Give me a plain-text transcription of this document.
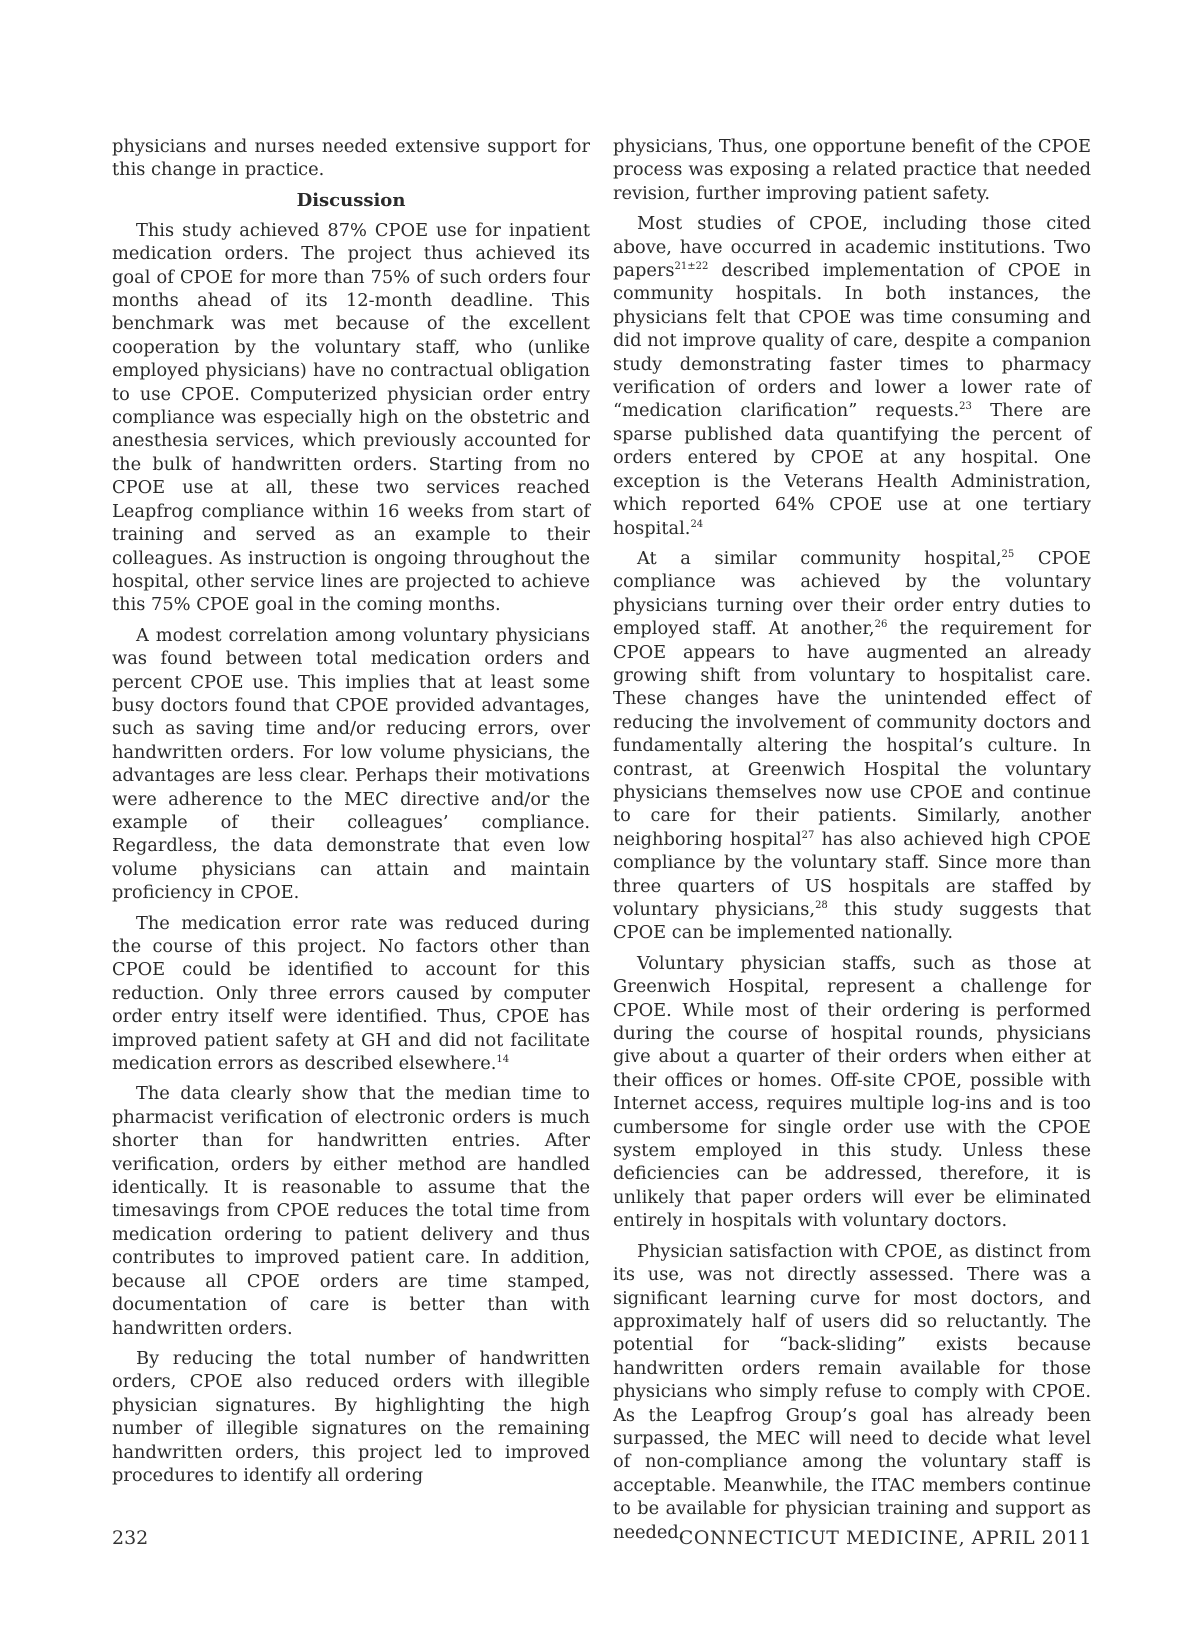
physicians and nurses needed extensive support for this change in practice.

Discussion

This study achieved 87% CPOE use for inpatient medication orders. The project thus achieved its goal of CPOE for more than 75% of such orders four months ahead of its 12-month deadline. This benchmark was met because of the excellent cooperation by the voluntary staff, who (unlike employed physicians) have no contractual obligation to use CPOE. Computerized physician order entry compliance was especially high on the obstetric and anesthesia services, which previously accounted for the bulk of handwritten orders. Starting from no CPOE use at all, these two services reached Leapfrog compliance within 16 weeks from start of training and served as an example to their colleagues. As instruction is ongoing throughout the hospital, other service lines are projected to achieve this 75% CPOE goal in the coming months.

A modest correlation among voluntary physicians was found between total medication orders and percent CPOE use. This implies that at least some busy doctors found that CPOE provided advantages, such as saving time and/or reducing errors, over handwritten orders. For low volume physicians, the advantages are less clear. Perhaps their motivations were adherence to the MEC directive and/or the example of their colleagues’ compliance. Regardless, the data demonstrate that even low volume physicians can attain and maintain proficiency in CPOE.

The medication error rate was reduced during the course of this project. No factors other than CPOE could be identified to account for this reduction. Only three errors caused by computer order entry itself were identified. Thus, CPOE has improved patient safety at GH and did not facilitate medication errors as described elsewhere.$^{14}$

The data clearly show that the median time to pharmacist verification of electronic orders is much shorter than for handwritten entries. After verification, orders by either method are handled identically. It is reasonable to assume that the timesavings from CPOE reduces the total time from medication ordering to patient delivery and thus contributes to improved patient care. In addition, because all CPOE orders are time stamped, documentation of care is better than with handwritten orders.

By reducing the total number of handwritten orders, CPOE also reduced orders with illegible physician signatures. By highlighting the high number of illegible signatures on the remaining handwritten orders, this project led to improved procedures to identify all ordering

physicians, Thus, one opportune benefit of the CPOE process was exposing a related practice that needed revision, further improving patient safety.

Most studies of CPOE, including those cited above, have occurred in academic institutions. Two papers$^{21\pm 22}$ described implementation of CPOE in community hospitals. In both instances, the physicians felt that CPOE was time consuming and did not improve quality of care, despite a companion study demonstrating faster times to pharmacy verification of orders and lower a lower rate of “medication clarification” requests.$^{23}$ There are sparse published data quantifying the percent of orders entered by CPOE at any hospital. One exception is the Veterans Health Administration, which reported 64% CPOE use at one tertiary hospital.$^{24}$

At a similar community hospital,$^{25}$ CPOE compliance was achieved by the voluntary physicians turning over their order entry duties to employed staff. At another,$^{26}$ the requirement for CPOE appears to have augmented an already growing shift from voluntary to hospitalist care. These changes have the unintended effect of reducing the involvement of community doctors and fundamentally altering the hospital’s culture. In contrast, at Greenwich Hospital the voluntary physicians themselves now use CPOE and continue to care for their patients. Similarly, another neighboring hospital$^{27}$ has also achieved high CPOE compliance by the voluntary staff. Since more than three quarters of US hospitals are staffed by voluntary physicians,$^{28}$ this study suggests that CPOE can be implemented nationally.

Voluntary physician staffs, such as those at Greenwich Hospital, represent a challenge for CPOE. While most of their ordering is performed during the course of hospital rounds, physicians give about a quarter of their orders when either at their offices or homes. Off-site CPOE, possible with Internet access, requires multiple log-ins and is too cumbersome for single order use with the CPOE system employed in this study. Unless these deficiencies can be addressed, therefore, it is unlikely that paper orders will ever be eliminated entirely in hospitals with voluntary doctors.

Physician satisfaction with CPOE, as distinct from its use, was not directly assessed. There was a significant learning curve for most doctors, and approximately half of users did so reluctantly. The potential for “back-sliding” exists because handwritten orders remain available for those physicians who simply refuse to comply with CPOE. As the Leapfrog Group’s goal has already been surpassed, the MEC will need to decide what level of non-compliance among the voluntary staff is acceptable. Meanwhile, the ITAC members continue to be available for physician training and support as needed.

232	CONNECTICUT MEDICINE, APRIL 2011
